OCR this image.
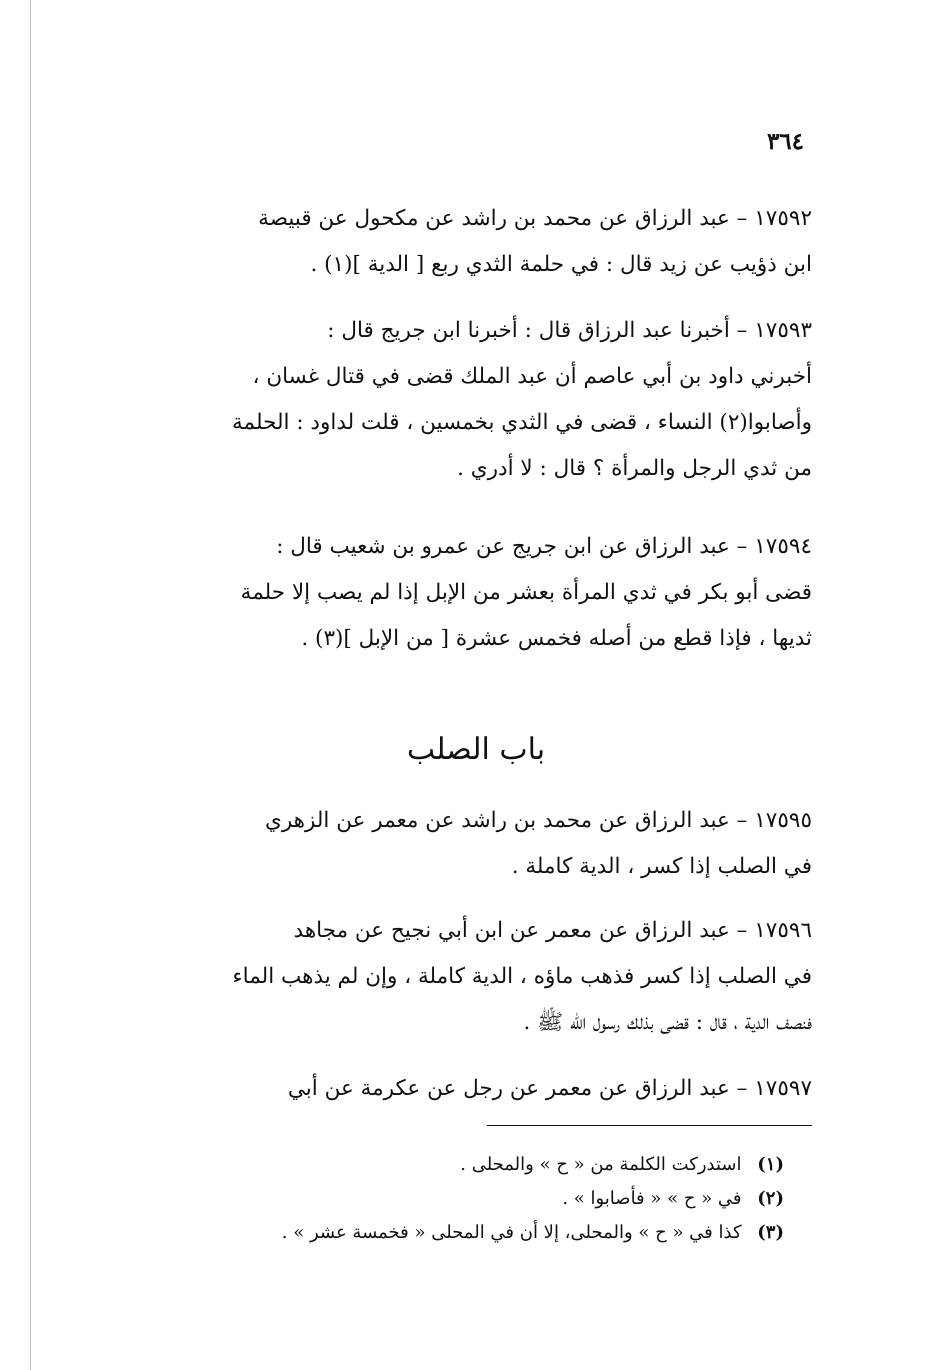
٣٦٤

١٧٥٩٢ – عبد الرزاق عن محمد بن راشد عن مكحول عن قبيصة

ابن ذؤيب عن زيد قال : في حلمة الثدي ربع [ الدية ](١) .

١٧٥٩٣ – أخبرنا عبد الرزاق قال : أخبرنا ابن جريج قال :

أخبرني داود بن أبي عاصم أن عبد الملك قضى في قتال غسان ،

وأصابوا(٢) النساء ، قضى في الثدي بخمسين ، قلت لداود : الحلمة

من ثدي الرجل والمرأة ؟ قال : لا أدري .

١٧٥٩٤ – عبد الرزاق عن ابن جريج عن عمرو بن شعيب قال :

قضى أبو بكر في ثدي المرأة بعشر من الإبل إذا لم يصب إلا حلمة

ثديها ، فإذا قطع من أصله فخمس عشرة [ من الإبل ](٣) .

باب الصلب

١٧٥٩٥ – عبد الرزاق عن محمد بن راشد عن معمر عن الزهري

في الصلب إذا كسر ، الدية كاملة .

١٧٥٩٦ – عبد الرزاق عن معمر عن ابن أبي نجيح عن مجاهد

في الصلب إذا كسر فذهب ماؤه ، الدية كاملة ، وإن لم يذهب الماء

فنصف الدية ، قال : قضى بذلك رسول الله ﷺ .

١٧٥٩٧ – عبد الرزاق عن معمر عن رجل عن عكرمة عن أبي

(١) استدركت الكلمة من « ح » والمحلى .

(٢) في « ح » « فأصابوا » .

(٣) كذا في « ح » والمحلى، إلا أن في المحلى « فخمسة عشر » .
